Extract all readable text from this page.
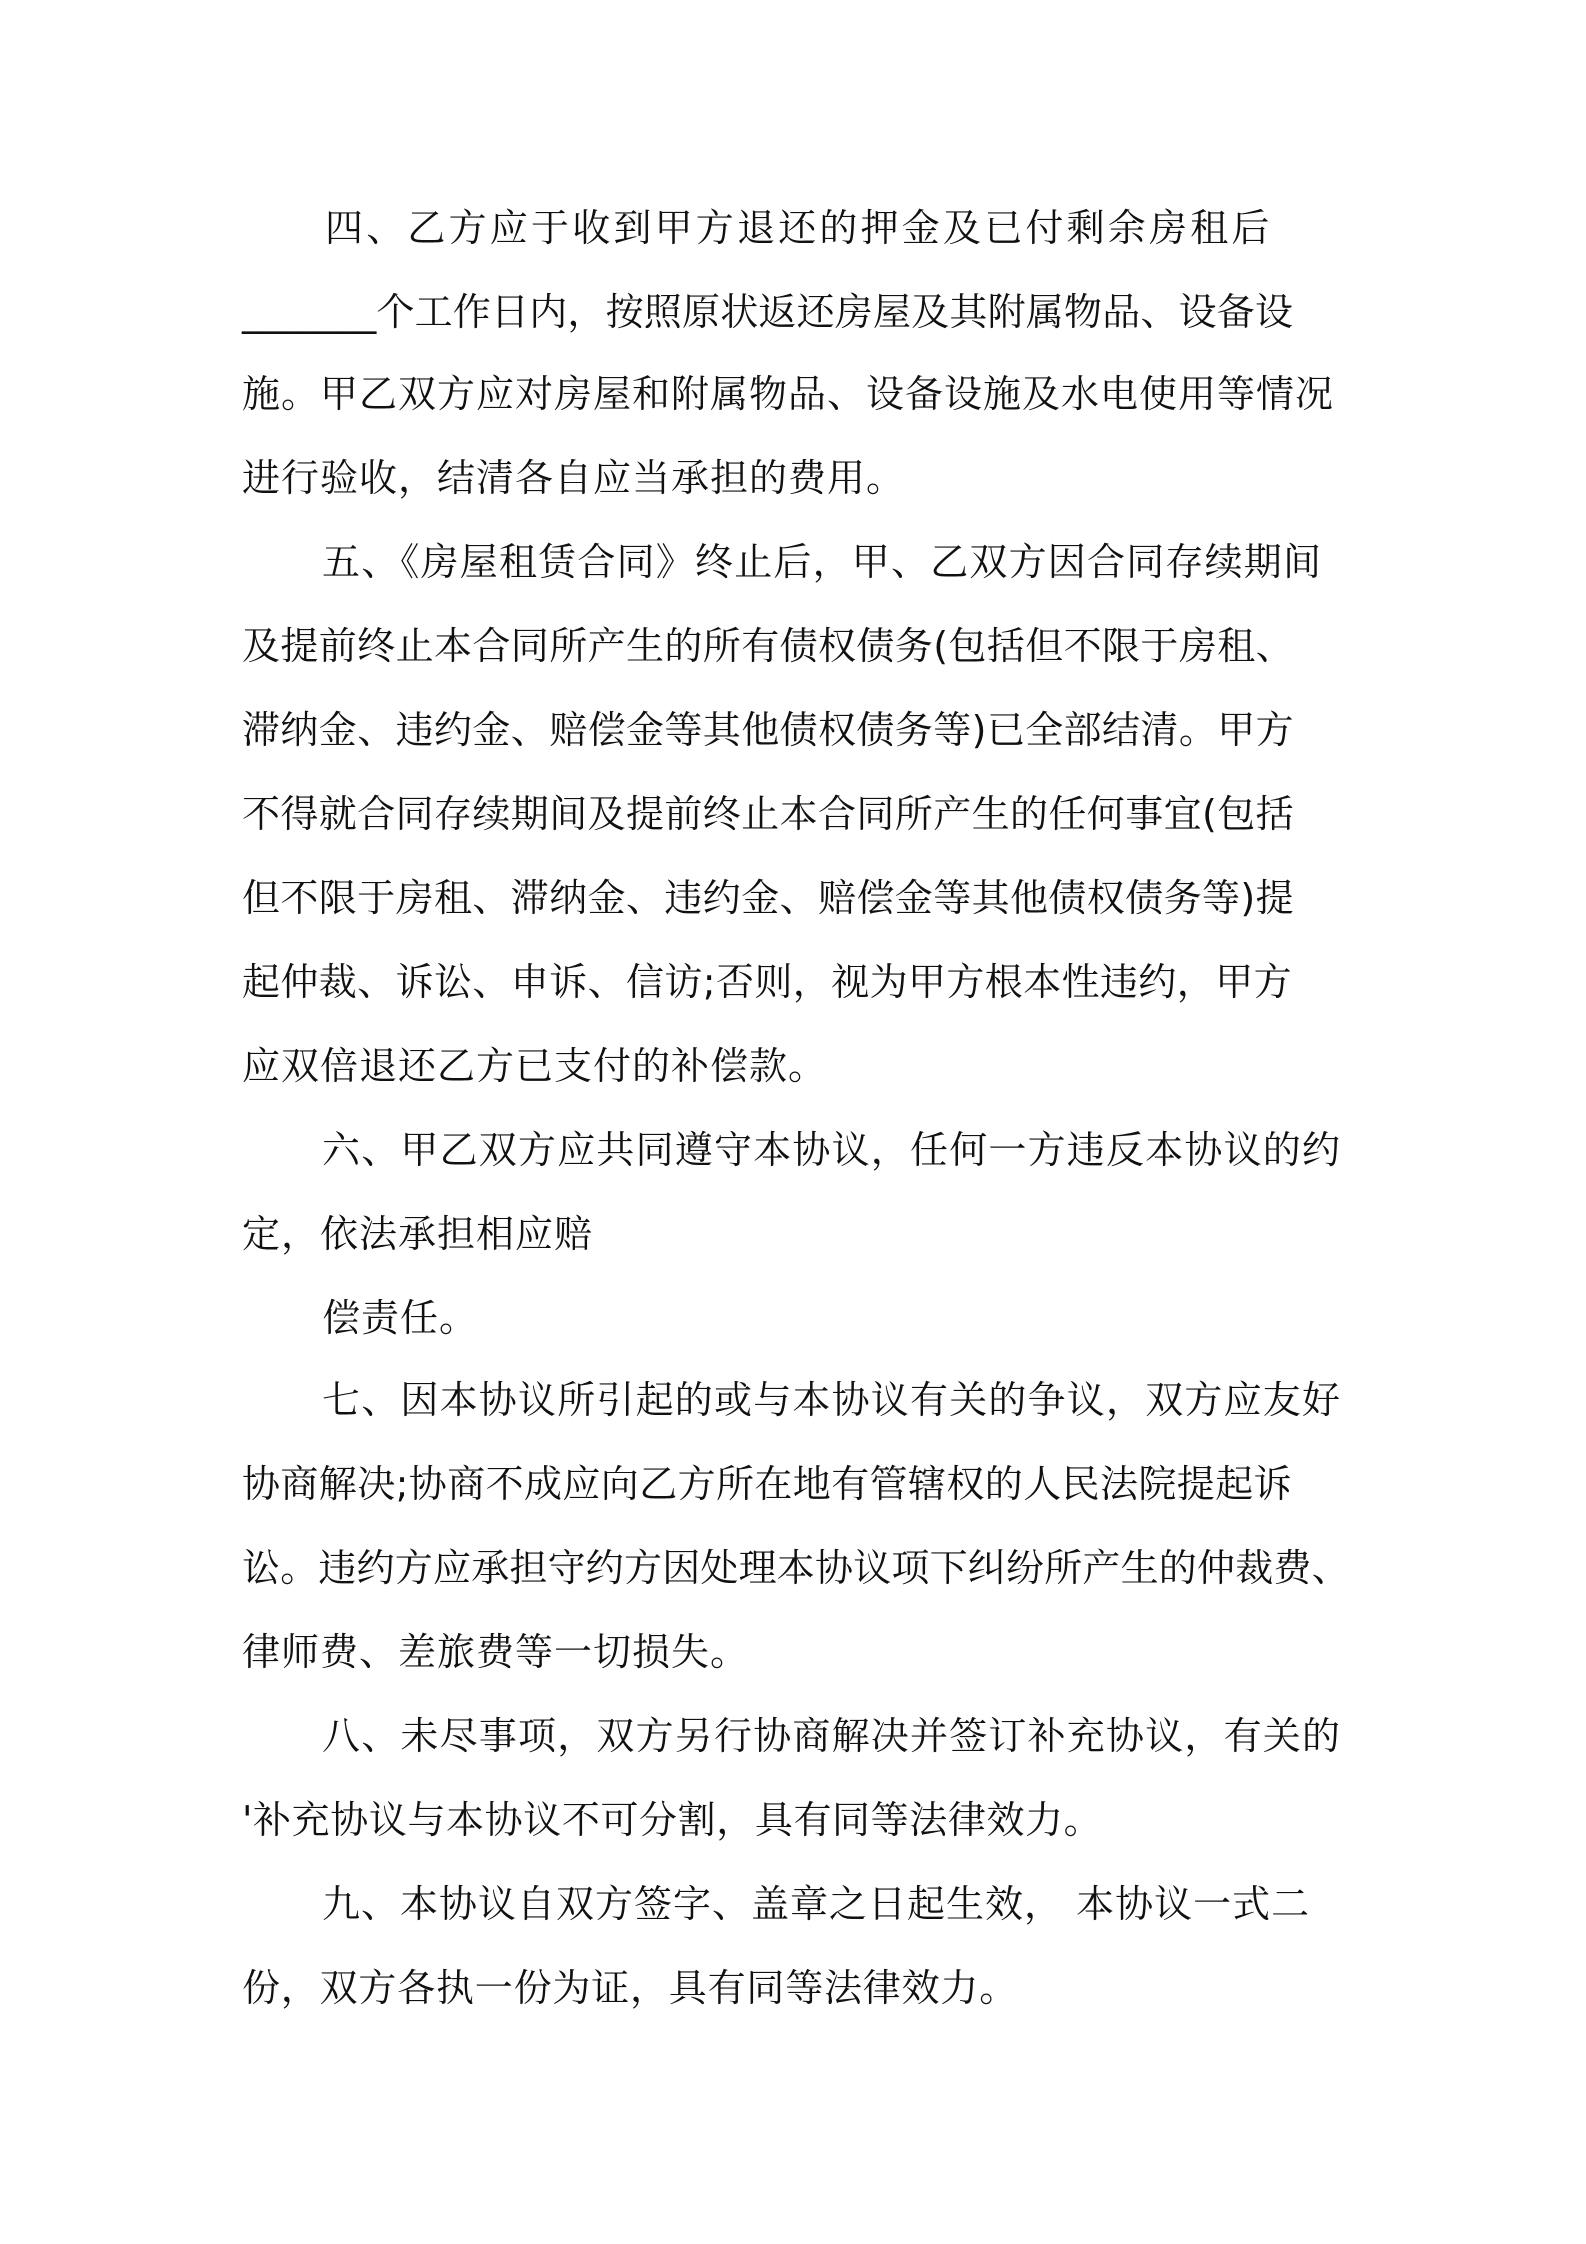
四、乙方应于收到甲方退还的押金及已付剩余房租后
_______个工作日内，按照原状返还房屋及其附属物品、设备设
施。甲乙双方应对房屋和附属物品、设备设施及水电使用等情况
进行验收，结清各自应当承担的费用。
五、《房屋租赁合同》终止后，甲、乙双方因合同存续期间
及提前终止本合同所产生的所有债权债务(包括但不限于房租、
滞纳金、违约金、赔偿金等其他债权债务等)已全部结清。甲方
不得就合同存续期间及提前终止本合同所产生的任何事宜(包括
但不限于房租、滞纳金、违约金、赔偿金等其他债权债务等)提
起仲裁、诉讼、申诉、信访;否则，视为甲方根本性违约，甲方
应双倍退还乙方已支付的补偿款。
六、甲乙双方应共同遵守本协议，任何一方违反本协议的约
定，依法承担相应赔
偿责任。
七、因本协议所引起的或与本协议有关的争议，双方应友好
协商解决;协商不成应向乙方所在地有管辖权的人民法院提起诉
讼。违约方应承担守约方因处理本协议项下纠纷所产生的仲裁费、
律师费、差旅费等一切损失。
八、未尽事项，双方另行协商解决并签订补充协议，有关的
'补充协议与本协议不可分割，具有同等法律效力。
九、本协议自双方签字、盖章之日起生效， 本协议一式二
份，双方各执一份为证，具有同等法律效力。
